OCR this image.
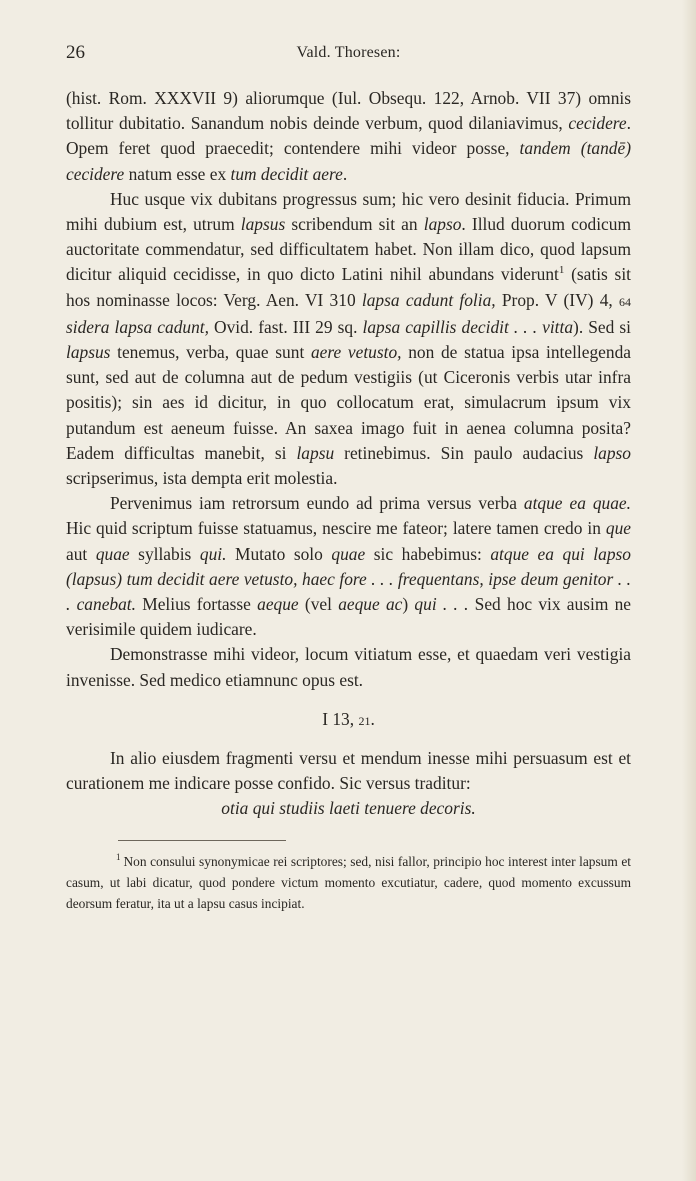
26	Vald. Thoresen:

(hist. Rom. XXXVII 9) aliorumque (Iul. Obsequ. 122, Arnob. VII 37) omnis tollitur dubitatio. Sanandum nobis deinde verbum, quod dilaniavimus, cecidere. Opem feret quod praecedit; contendere mihi videor posse, tandem (tandē) cecidere natum esse ex tum decidit aere.

Huc usque vix dubitans progressus sum; hic vero desinit fiducia. Primum mihi dubium est, utrum lapsus scribendum sit an lapso. Illud duorum codicum auctoritate commendatur, sed difficultatem habet. Non illam dico, quod lapsum dicitur aliquid cecidisse, in quo dicto Latini nihil abundans viderunt$^1$ (satis sit hos nominasse locos: Verg. Aen. VI 310 lapsa cadunt folia, Prop. V (IV) 4, 64 sidera lapsa cadunt, Ovid. fast. III 29 sq. lapsa capillis decidit . . . vitta). Sed si lapsus tenemus, verba, quae sunt aere vetusto, non de statua ipsa intellegenda sunt, sed aut de columna aut de pedum vestigiis (ut Ciceronis verbis utar infra positis); sin aes id dicitur, in quo collocatum erat, simulacrum ipsum vix putandum est aeneum fuisse. An saxea imago fuit in aenea columna posita? Eadem difficultas manebit, si lapsu retinebimus. Sin paulo audacius lapso scripserimus, ista dempta erit molestia.

Pervenimus iam retrorsum eundo ad prima versus verba atque ea quae. Hic quid scriptum fuisse statuamus, nescire me fateor; latere tamen credo in que aut quae syllabis qui. Mutato solo quae sic habebimus: atque ea qui lapso (lapsus) tum decidit aere vetusto, haec fore . . . frequentans, ipse deum genitor . . . canebat. Melius fortasse aeque (vel aeque ac) qui . . . Sed hoc vix ausim ne verisimile quidem iudicare.

Demonstrasse mihi videor, locum vitiatum esse, et quaedam veri vestigia invenisse. Sed medico etiamnunc opus est.

I 13, 21.

In alio eiusdem fragmenti versu et mendum inesse mihi persuasum est et curationem me indicare posse confido. Sic versus traditur:

otia qui studiis laeti tenuere decoris.

$^1$ Non consului synonymicae rei scriptores; sed, nisi fallor, principio hoc interest inter lapsum et casum, ut labi dicatur, quod pondere victum momento excutiatur, cadere, quod momento excussum deorsum feratur, ita ut a lapsu casus incipiat.
